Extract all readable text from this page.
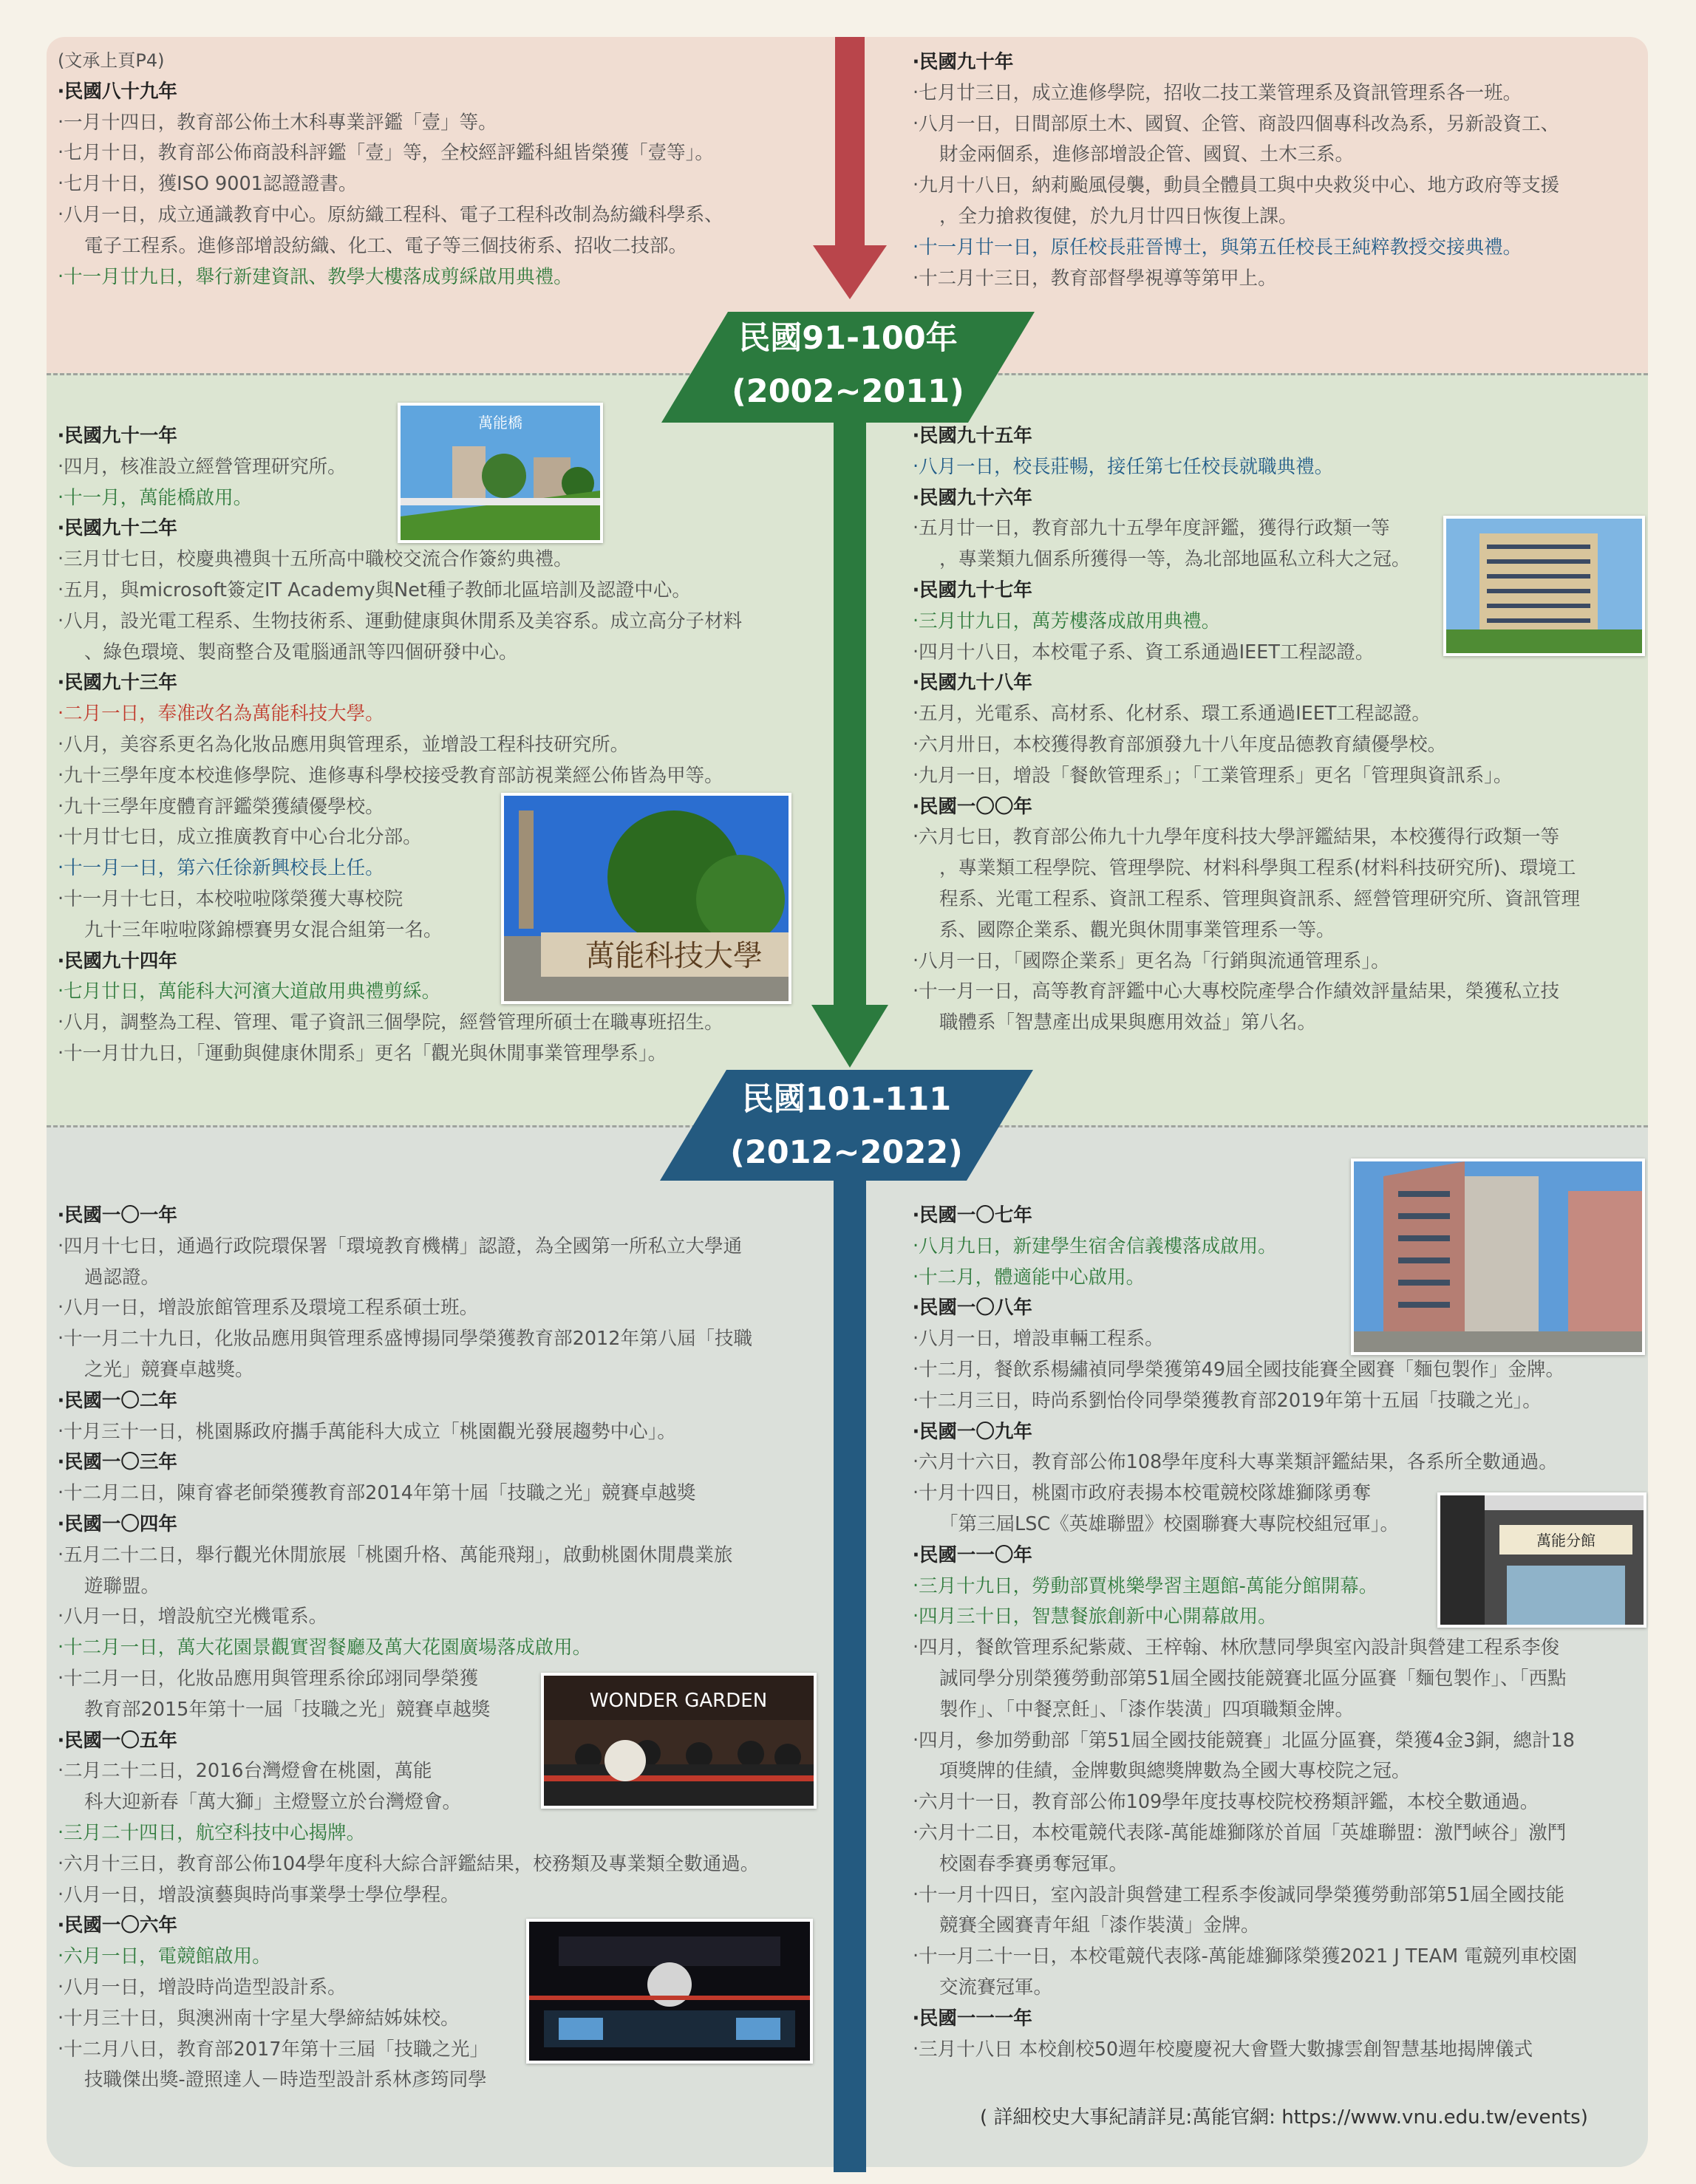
民國91-100年
(2002~2011)
民國101-111
(2012~2022)

(文承上頁P4)

‧民國八十九年

‧一月十四日，教育部公佈土木科專業評鑑「壹」等。

‧七月十日，教育部公佈商設科評鑑「壹」等，全校經評鑑科組皆榮獲「壹等」。

‧七月十日，獲ISO 9001認證證書。

‧八月一日，成立通識教育中心。原紡織工程科、電子工程科改制為紡織科學系、

電子工程系。進修部增設紡織、化工、電子等三個技術系、招收二技部。

‧十一月廿九日，舉行新建資訊、教學大樓落成剪綵啟用典禮。

‧民國九十年

‧七月廿三日，成立進修學院，招收二技工業管理系及資訊管理系各一班。

‧八月一日，日間部原土木、國貿、企管、商設四個專科改為系，另新設資工、

財金兩個系，進修部增設企管、國貿、土木三系。

‧九月十八日，納莉颱風侵襲，動員全體員工與中央救災中心、地方政府等支援

，全力搶救復健，於九月廿四日恢復上課。

‧十一月廿一日，原任校長莊晉博士，與第五任校長王純粹教授交接典禮。

‧十二月十三日，教育部督學視導等第甲上。

‧民國九十一年

‧四月，核准設立經營管理研究所。

‧十一月，萬能橋啟用。

‧民國九十二年

‧三月廿七日，校慶典禮與十五所高中職校交流合作簽約典禮。

‧五月，與microsoft簽定IT Academy與Net種子教師北區培訓及認證中心。

‧八月，設光電工程系、生物技術系、運動健康與休閒系及美容系。成立高分子材料

、綠色環境、製商整合及電腦通訊等四個研發中心。

‧民國九十三年

‧二月一日，奉准改名為萬能科技大學。

‧八月，美容系更名為化妝品應用與管理系，並增設工程科技研究所。

‧九十三學年度本校進修學院、進修專科學校接受教育部訪視業經公佈皆為甲等。

‧九十三學年度體育評鑑榮獲績優學校。

‧十月廿七日，成立推廣教育中心台北分部。

‧十一月一日，第六任徐新興校長上任。

‧十一月十七日，本校啦啦隊榮獲大專校院

九十三年啦啦隊錦標賽男女混合組第一名。

‧民國九十四年

‧七月廿日，萬能科大河濱大道啟用典禮剪綵。

‧八月，調整為工程、管理、電子資訊三個學院，經營管理所碩士在職專班招生。

‧十一月廿九日，「運動與健康休閒系」更名「觀光與休閒事業管理學系」。

‧民國九十五年

‧八月一日，校長莊暢，接任第七任校長就職典禮。

‧民國九十六年

‧五月廿一日，教育部九十五學年度評鑑，獲得行政類一等

，專業類九個系所獲得一等，為北部地區私立科大之冠。

‧民國九十七年

‧三月廿九日，萬芳樓落成啟用典禮。

‧四月十八日，本校電子系、資工系通過IEET工程認證。

‧民國九十八年

‧五月，光電系、高材系、化材系、環工系通過IEET工程認證。

‧六月卅日，本校獲得教育部頒發九十八年度品德教育績優學校。

‧九月一日，增設「餐飲管理系」；「工業管理系」更名「管理與資訊系」。

‧民國一〇〇年

‧六月七日，教育部公佈九十九學年度科技大學評鑑結果，本校獲得行政類一等

，專業類工程學院、管理學院、材料科學與工程系(材料科技研究所)、環境工

程系、光電工程系、資訊工程系、管理與資訊系、經營管理研究所、資訊管理

系、國際企業系、觀光與休閒事業管理系一等。

‧八月一日，「國際企業系」更名為「行銷與流通管理系」。

‧十一月一日，高等教育評鑑中心大專校院產學合作績效評量結果，榮獲私立技

職體系「智慧產出成果與應用效益」第八名。

‧民國一〇一年

‧四月十七日，通過行政院環保署「環境教育機構」認證，為全國第一所私立大學通

過認證。

‧八月一日，增設旅館管理系及環境工程系碩士班。

‧十一月二十九日，化妝品應用與管理系盛博揚同學榮獲教育部2012年第八屆「技職

之光」競賽卓越獎。

‧民國一〇二年

‧十月三十一日，桃園縣政府攜手萬能科大成立「桃園觀光發展趨勢中心」。

‧民國一〇三年

‧十二月二日，陳育睿老師榮獲教育部2014年第十屆「技職之光」競賽卓越獎

‧民國一〇四年

‧五月二十二日，舉行觀光休閒旅展「桃園升格、萬能飛翔」，啟動桃園休閒農業旅

遊聯盟。

‧八月一日，增設航空光機電系。

‧十二月一日，萬大花園景觀實習餐廳及萬大花園廣場落成啟用。

‧十二月一日，化妝品應用與管理系徐邱翊同學榮獲

教育部2015年第十一屆「技職之光」競賽卓越獎

‧民國一〇五年

‧二月二十二日，2016台灣燈會在桃園，萬能

科大迎新春「萬大獅」主燈豎立於台灣燈會。

‧三月二十四日，航空科技中心揭牌。

‧六月十三日，教育部公佈104學年度科大綜合評鑑結果，校務類及專業類全數通過。

‧八月一日，增設演藝與時尚事業學士學位學程。

‧民國一〇六年

‧六月一日，電競館啟用。

‧八月一日，增設時尚造型設計系。

‧十月三十日，與澳洲南十字星大學締結姊妹校。

‧十二月八日，教育部2017年第十三屆「技職之光」

技職傑出獎-證照達人－時造型設計系林彥筠同學

‧民國一〇七年

‧八月九日，新建學生宿舍信義樓落成啟用。

‧十二月，體適能中心啟用。

‧民國一〇八年

‧八月一日，增設車輛工程系。

‧十二月，餐飲系楊繡禎同學榮獲第49屆全國技能賽全國賽「麵包製作」金牌。

‧十二月三日，時尚系劉怡伶同學榮獲教育部2019年第十五屆「技職之光」。

‧民國一〇九年

‧六月十六日，教育部公佈108學年度科大專業類評鑑結果，各系所全數通過。

‧十月十四日，桃園市政府表揚本校電競校隊雄獅隊勇奪

「第三屆LSC《英雄聯盟》校園聯賽大專院校組冠軍」。

‧民國一一〇年

‧三月十九日，勞動部賈桃樂學習主題館-萬能分館開幕。

‧四月三十日，智慧餐旅創新中心開幕啟用。

‧四月，餐飲管理系紀紫葳、王梓翰、林欣慧同學與室內設計與營建工程系李俊

誠同學分別榮獲勞動部第51屆全國技能競賽北區分區賽「麵包製作」、「西點

製作」、「中餐烹飪」、「漆作裝潢」四項職類金牌。

‧四月，參加勞動部「第51屆全國技能競賽」北區分區賽，榮獲4金3銅，總計18

項獎牌的佳績，金牌數與總獎牌數為全國大專校院之冠。

‧六月十一日，教育部公佈109學年度技專校院校務類評鑑，本校全數通過。

‧六月十二日，本校電競代表隊-萬能雄獅隊於首屆「英雄聯盟：激鬥峽谷」激鬥

校園春季賽勇奪冠軍。

‧十一月十四日，室內設計與營建工程系李俊誠同學榮獲勞動部第51屆全國技能

競賽全國賽青年組「漆作裝潢」金牌。

‧十一月二十一日，本校電競代表隊-萬能雄獅隊榮獲2021 J TEAM 電競列車校園

交流賽冠軍。

‧民國一一一年

‧三月十八日 本校創校50週年校慶慶祝大會暨大數據雲創智慧基地揭牌儀式

萬能橋
萬能科技大學
萬能分館
WONDER GARDEN
( 詳細校史大事紀請詳見:萬能官網: https://www.vnu.edu.tw/events)
